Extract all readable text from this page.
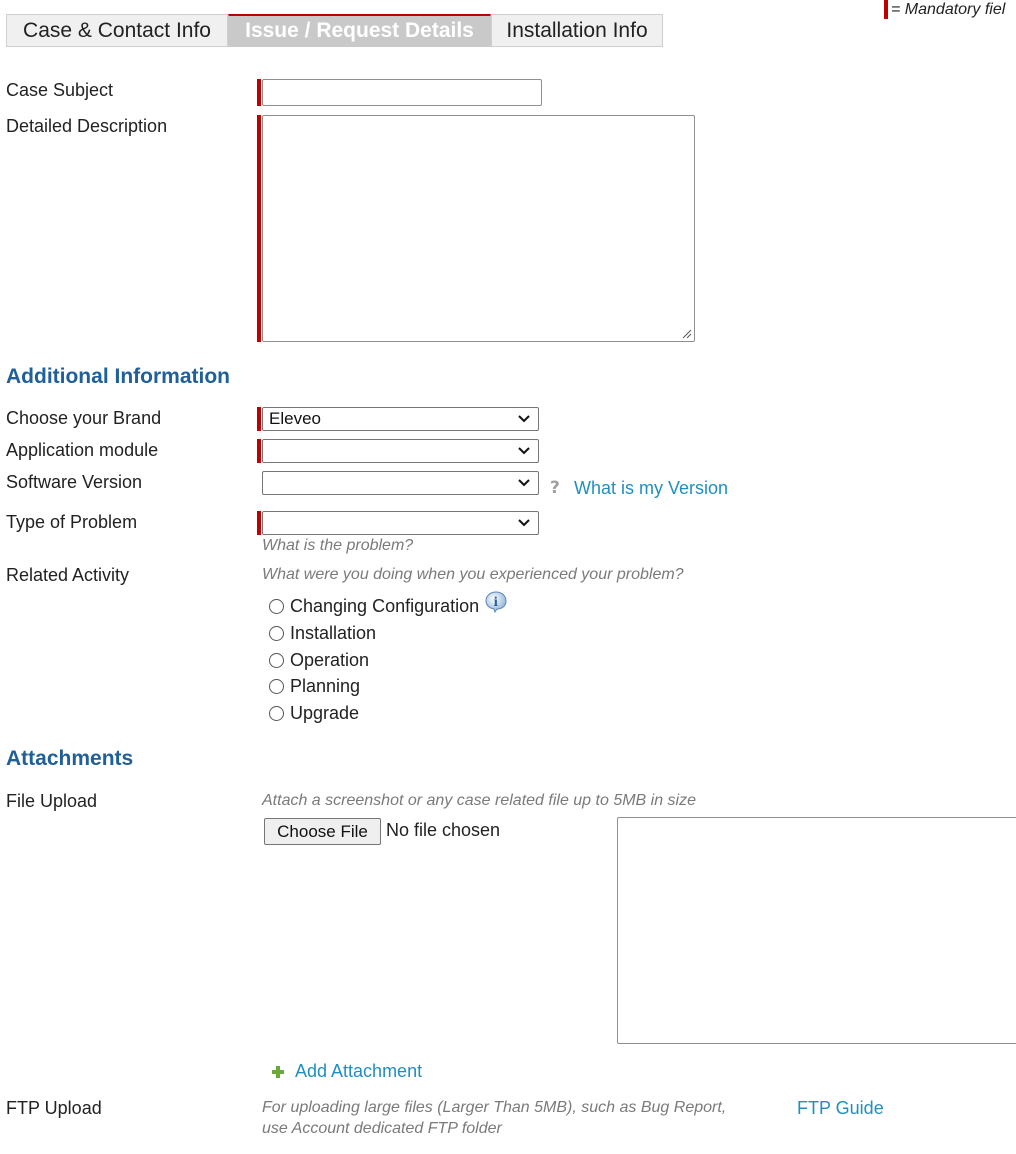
Case & Contact Info	Issue / Request Details	Installation Info
= Mandatory fiel
Case Subject
Detailed Description
Additional Information
Choose your Brand	Eleveo
Application module
Software Version	? What is my Version
Type of Problem
What is the problem?
Related Activity	What were you doing when you experienced your problem?
Changing Configuration i
Installation
Operation
Planning
Upgrade
Attachments
File Upload	Attach a screenshot or any case related file up to 5MB in size
Choose File	No file chosen
Add Attachment
FTP Upload	For uploading large files (Larger Than 5MB), such as Bug Report, use Account dedicated FTP folder
FTP Guide
